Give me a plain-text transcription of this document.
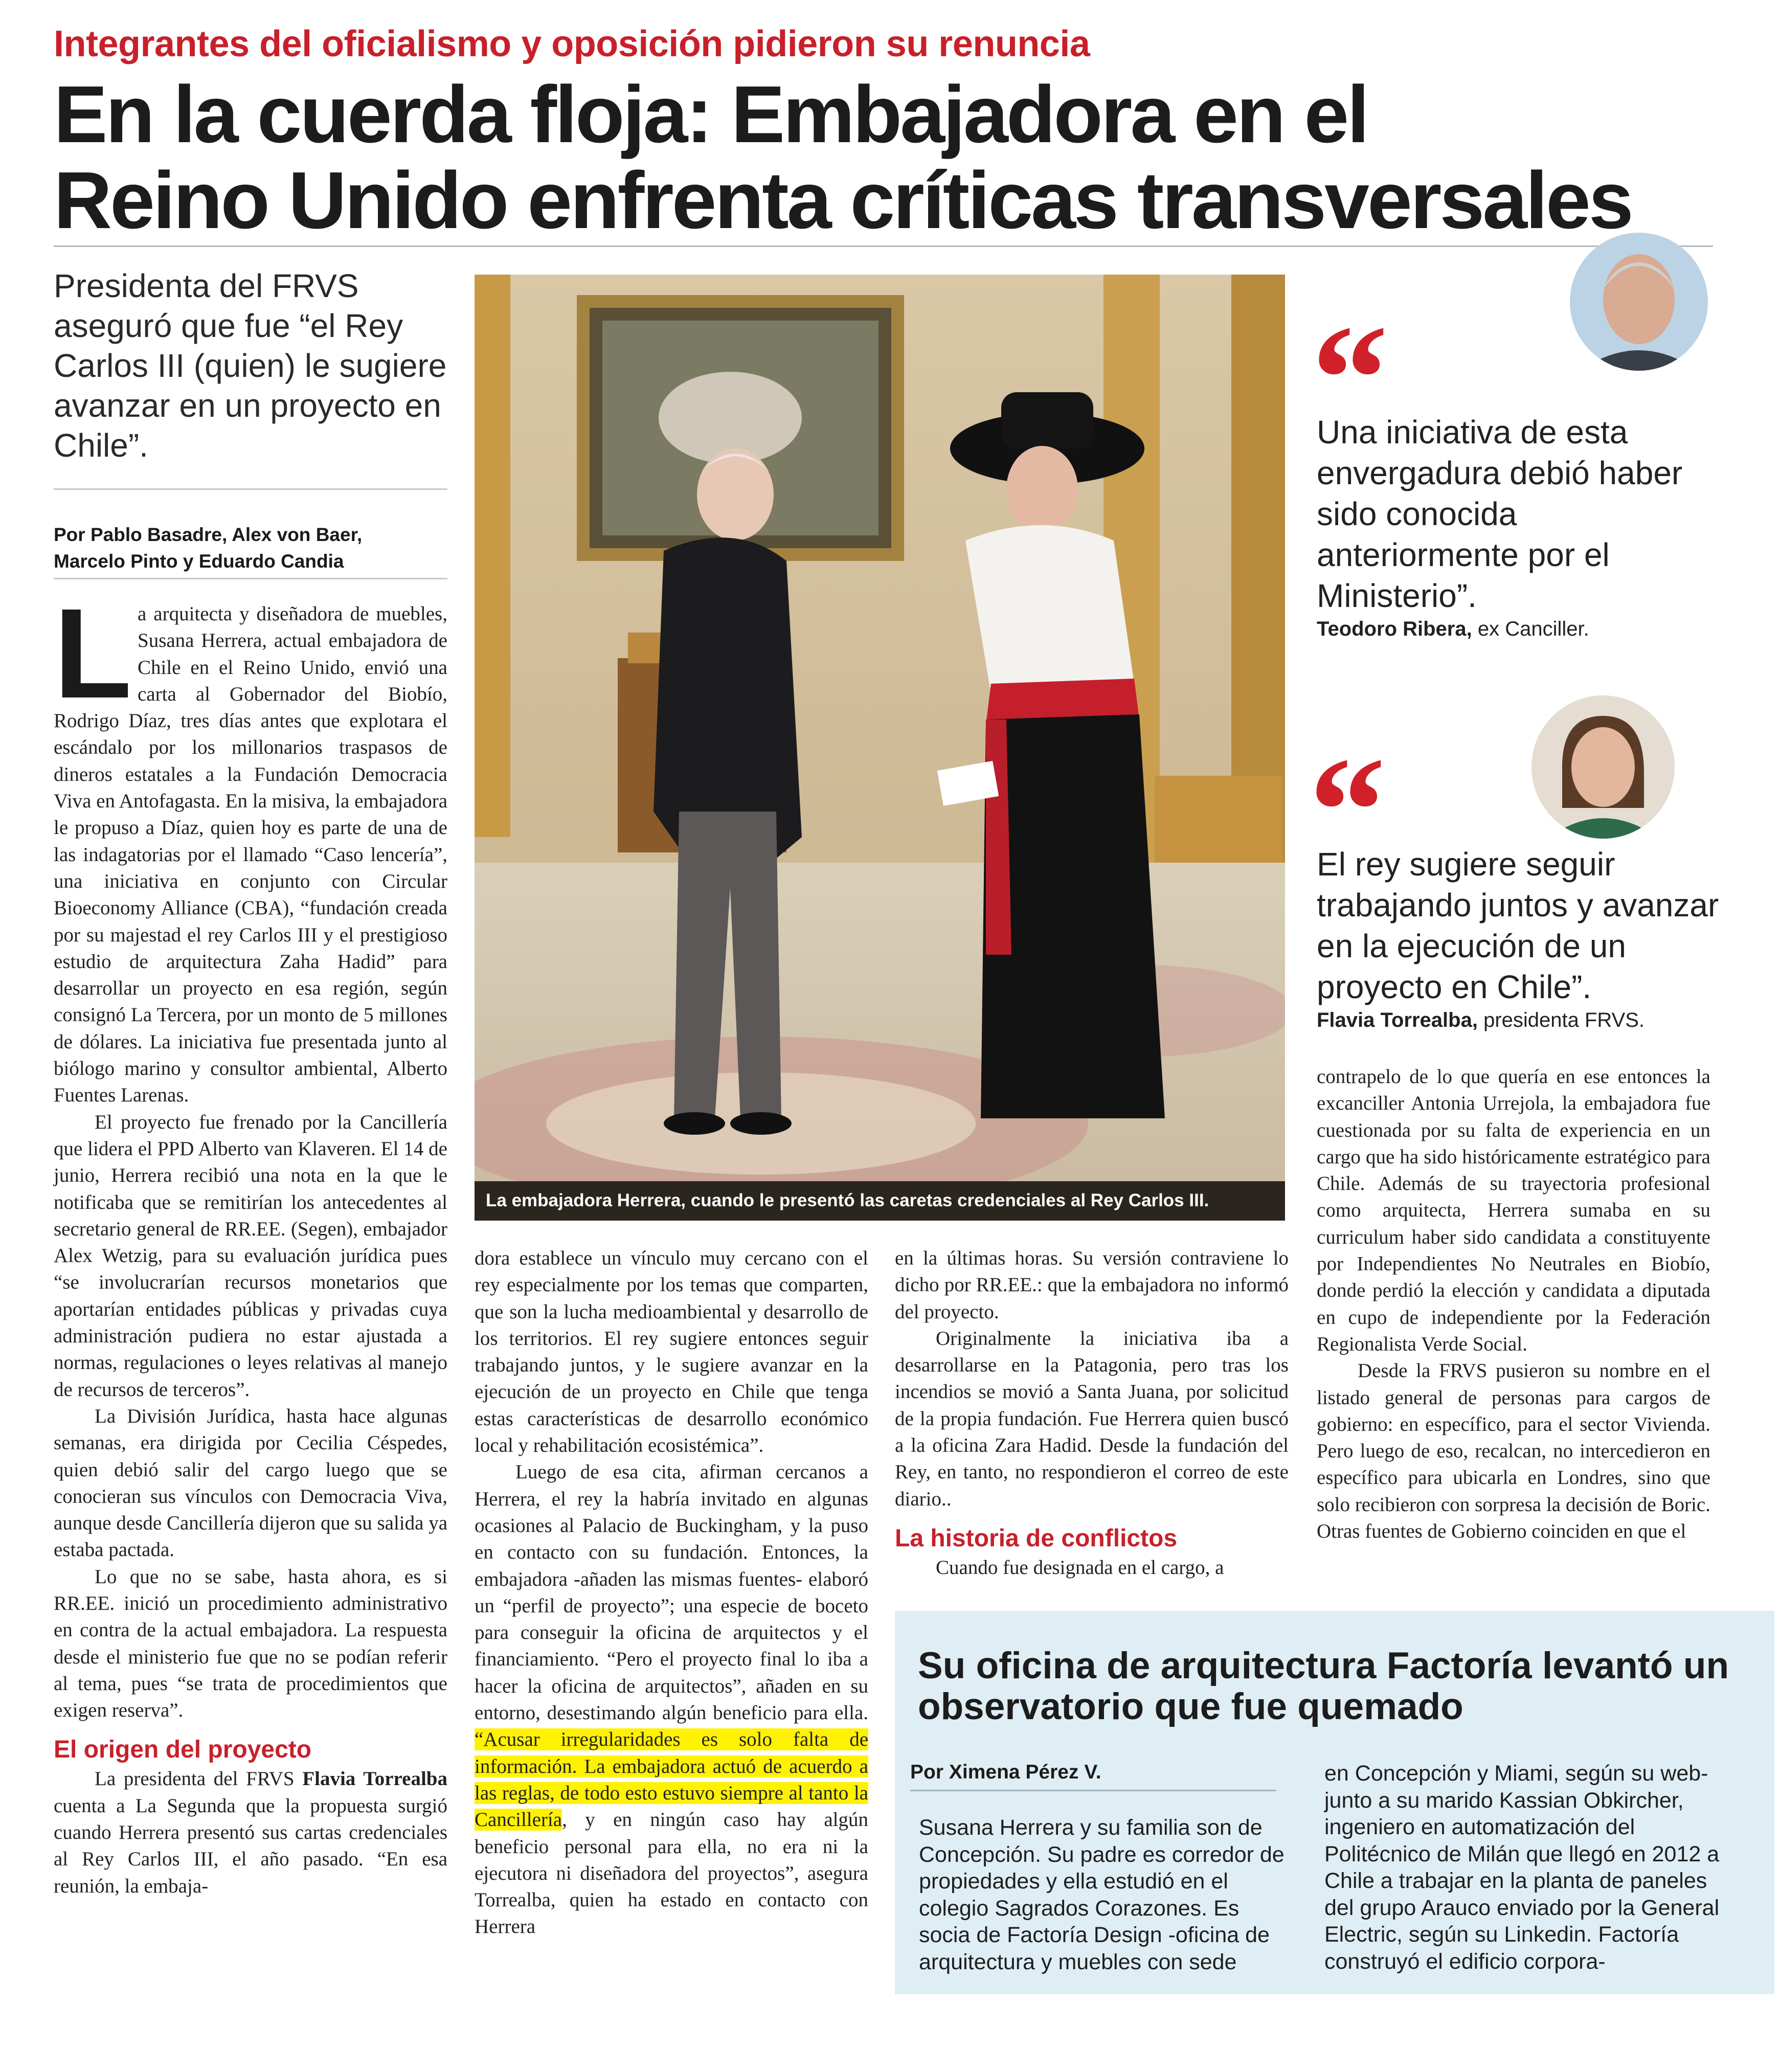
Integrantes del oficialismo y oposición pidieron su renuncia
En la cuerda floja: Embajadora en el
Reino Unido enfrenta críticas transversales
Presidenta del FRVS aseguró que fue “el Rey Carlos III (quien) le sugiere avanzar en un proyecto en Chile”.
Por Pablo Basadre, Alex von Baer,
Marcelo Pinto y Eduardo Candia

La arquitecta y diseñadora de muebles, Susana Herrera, actual embajadora de Chile en el Reino Unido, envió una carta al Gobernador del Biobío, Rodrigo Díaz, tres días antes que explotara el escándalo por los millonarios traspasos de dineros estatales a la Fundación Democracia Viva en Antofagasta. En la misiva, la embajadora le propuso a Díaz, quien hoy es parte de una de las indagatorias por el llamado “Caso lencería”, una iniciativa en conjunto con Circular Bioeconomy Alliance (CBA), “fundación creada por su majestad el rey Carlos III y el prestigioso estudio de arquitectura Zaha Hadid” para desarrollar un proyecto en esa región, según consignó La Tercera, por un monto de 5 millones de dólares. La iniciativa fue presentada junto al biólogo marino y consultor ambiental, Alberto Fuentes Larenas.

El proyecto fue frenado por la Cancillería que lidera el PPD Alberto van Klaveren. El 14 de junio, Herrera recibió una nota en la que le notificaba que se remitirían los antecedentes al secretario general de RR.EE. (Segen), embajador Alex Wetzig, para su evaluación jurídica pues “se involucrarían recursos monetarios que aportarían entidades públicas y privadas cuya administración pudiera no estar ajustada a normas, regulaciones o leyes relativas al manejo de recursos de terceros”.

La División Jurídica, hasta hace algunas semanas, era dirigida por Cecilia Céspedes, quien debió salir del cargo luego que se conocieran sus vínculos con Democracia Viva, aunque desde Cancillería dijeron que su salida ya estaba pactada.

Lo que no se sabe, hasta ahora, es si RR.EE. inició un procedimiento administrativo en contra de la actual embajadora. La respuesta desde el ministerio fue que no se podían referir al tema, pues “se trata de procedimientos que exigen reserva”.

El origen del proyecto

La presidenta del FRVS Flavia Torrealba cuenta a La Segunda que la propuesta surgió cuando Herrera presentó sus cartas credenciales al Rey Carlos III, el año pasado. “En esa reunión, la embaja-

La embajadora Herrera, cuando le presentó las caretas credenciales al Rey Carlos III.

dora establece un vínculo muy cercano con el rey especialmente por los temas que comparten, que son la lucha medioambiental y desarrollo de los territorios. El rey sugiere entonces seguir trabajando juntos, y le sugiere avanzar en la ejecución de un proyecto en Chile que tenga estas características de desarrollo económico local y rehabilitación ecosistémica”.

Luego de esa cita, afirman cercanos a Herrera, el rey la habría invitado en algunas ocasiones al Palacio de Buckingham, y la puso en contacto con su fundación. Entonces, la embajadora -añaden las mismas fuentes- elaboró un “perfil de proyecto”; una especie de boceto para conseguir la oficina de arquitectos y el financiamiento. “Pero el proyecto final lo iba a hacer la oficina de arquitectos”, añaden en su entorno, desestimando algún beneficio para ella. “Acusar irregularidades es solo falta de información. La embajadora actuó de acuerdo a las reglas, de todo esto estuvo siempre al tanto la Cancillería, y en ningún caso hay algún beneficio personal para ella, no era ni la ejecutora ni diseñadora del proyectos”, asegura Torrealba, quien ha estado en contacto con Herrera

en la últimas horas. Su versión contraviene lo dicho por RR.EE.: que la embajadora no informó del proyecto.

Originalmente la iniciativa iba a desarrollarse en la Patagonia, pero tras los incendios se movió a Santa Juana, por solicitud de la propia fundación. Fue Herrera quien buscó a la oficina Zara Hadid. Desde la fundación del Rey, en tanto, no respondieron el correo de este diario..

La historia de conflictos

Cuando fue designada en el cargo, a

“
Una iniciativa de esta envergadura debió haber sido conocida anteriormente por el Ministerio”.
Teodoro Ribera, ex Canciller.
“
El rey sugiere seguir trabajando juntos y avanzar en la ejecución de un proyecto en Chile”.
Flavia Torrealba, presidenta FRVS.

contrapelo de lo que quería en ese entonces la excanciller Antonia Urrejola, la embajadora fue cuestionada por su falta de experiencia en un cargo que ha sido históricamente estratégico para Chile. Además de su trayectoria profesional como arquitecta, Herrera sumaba en su curriculum haber sido candidata a constituyente por Independientes No Neutrales en Biobío, donde perdió la elección y candidata a diputada en cupo de independiente por la Federación Regionalista Verde Social.

Desde la FRVS pusieron su nombre en el listado general de personas para cargos de gobierno: en específico, para el sector Vivienda. Pero luego de eso, recalcan, no intercedieron en específico para ubicarla en Londres, sino que solo recibieron con sorpresa la decisión de Boric. Otras fuentes de Gobierno coinciden en que el

Su oficina de arquitectura Factoría levantó un observatorio que fue quemado
Por Ximena Pérez V.

Susana Herrera y su familia son de Concepción. Su padre es corredor de propiedades y ella estudió en el colegio Sagrados Corazones. Es socia de Factoría Design -oficina de arquitectura y muebles con sede

en Concepción y Miami, según su web- junto a su marido Kassian Obkircher, ingeniero en automatización del Politécnico de Milán que llegó en 2012 a Chile a trabajar en la planta de paneles del grupo Arauco enviado por la General Electric, según su Linkedin. Factoría construyó el edificio corpora-
